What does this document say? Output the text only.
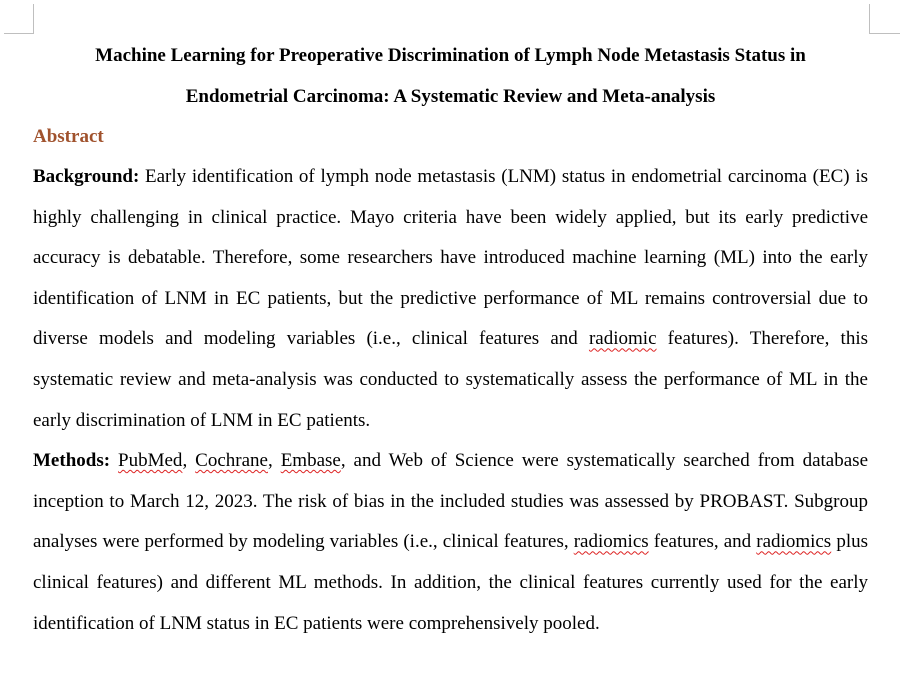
Machine Learning for Preoperative Discrimination of Lymph Node Metastasis Status in
Endometrial Carcinoma: A Systematic Review and Meta-analysis
Abstract

Background: Early identification of lymph node metastasis (LNM) status in endometrial carcinoma (EC) is highly challenging in clinical practice. Mayo criteria have been widely applied, but its early predictive accuracy is debatable. Therefore, some researchers have introduced machine learning (ML) into the early identification of LNM in EC patients, but the predictive performance of ML remains controversial due to diverse models and modeling variables (i.e., clinical features and radiomic features). Therefore, this systematic review and meta-analysis was conducted to systematically assess the performance of ML in the early discrimination of LNM in EC patients.

Methods: PubMed, Cochrane, Embase, and Web of Science were systematically searched from database inception to March 12, 2023. The risk of bias in the included studies was assessed by PROBAST. Subgroup analyses were performed by modeling variables (i.e., clinical features, radiomics features, and radiomics plus clinical features) and different ML methods. In addition, the clinical features currently used for the early identification of LNM status in EC patients were comprehensively pooled.
